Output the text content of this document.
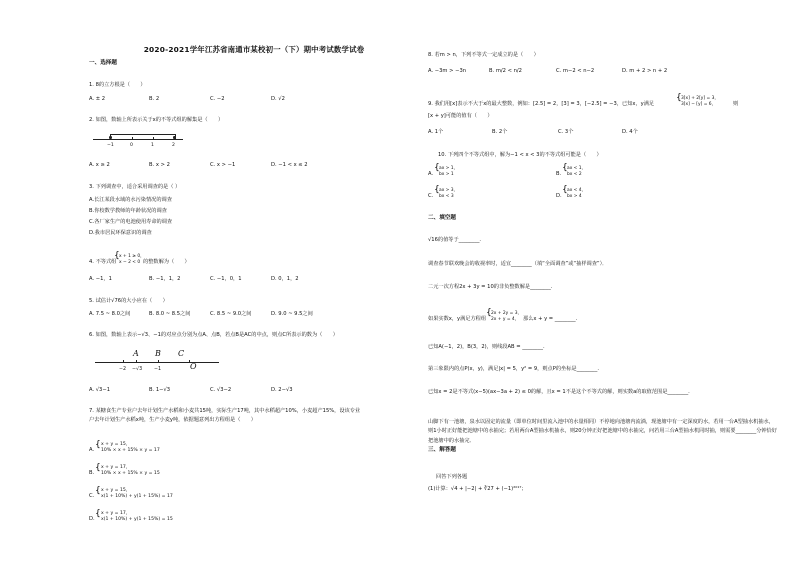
2020-2021学年江苏省南通市某校初一（下）期中考试数学试卷
一、选择题
1. 8的立方根是（　　）
A. ± 2	B. 2	C. −2	D. √2
2. 如图，数轴上所表示关于x的不等式组的解集是（　　）
−1	0	1	2
A. x ≥ 2	B. x > 2	C. x > −1	D. −1 < x ≤ 2
3. 下列调查中，适合采用调查的是（ ）
A.长江某段水域的水污染情况的调查
B.你校数学教师的年龄状况的调查
C.各厂家生产的电池使用寿命的调查
D.我市居民环保意识的调查
4. 不等式组
{ x + 1 ≥ 0，
x − 2 < 0 的整数解为（　　）
A. −1，1	B. −1，1，2	C. −1，0，1	D. 0，1，2
5. 试估计√76的大小应在（　　）
A. 7.5 ~ 8.0之间	B. 8.0 ~ 8.5之间	C. 8.5 ~ 9.0之间	D. 9.0 ~ 9.5之间
6. 如图，数轴上表示−√3、−1的对应点分别为点A、点B，若点B是AC的中点，则点C所表示的数为（　　）
A B C
O
−2 −√3 −1
A. √3−1	B. 1−√3	C. √3−2	D. 2−√3
7. 某糖食生产专业户去年计划生产水稻和小麦共15吨，实际生产17吨，其中水稻超产10%，小麦超产15%，设该专业户去年计划生产水稻x吨，生产小麦y吨，依据题意列出方程组是（　　）
A. { x + y = 15，
10% × x + 15% × y = 17
B. { x + y = 17，
10% × x + 15% × y = 15
C. { x + y = 15，
x(1 + 10%) + y(1 + 15%) = 17
D. { x + y = 17，
x(1 + 10%) + y(1 + 15%) = 15
8. 若m > n，下列不等式一定成立的是（　　）
A. −3m > −3n	B. m/2 < n/2	C. m−2 < n−2	D. m + 2 > n + 2
9. 我们用[x]表示不大于x的最大整数，例如：[2.5] = 2，[3] = 3，[−2.5] = −3，已知x，y满足
{ 3[x] + 2[y] = 3，
3[x] − [y] = 6，	则
[x + y]可能的值有（　　）
A. 1个	B. 2个	C. 3个	D. 4个
10. 下列四个不等式组中，解为−1 < x < 3的不等式组可能是（　　）
A.
{ ax > 1，
bx > 1	B.
{ ax < 1，
bx < 2
C.
{ ax > 3，
bx < 3	D.
{ ax < 4，
bx > 4
二、填空题
√16的值等于________.
调查春节联欢晚会的收视率时，适宜________（填“全面调查”或“抽样调查”）．
二元一次方程2x + 3y = 10的非负整数解是________.
如果实数x，y满足方程组
{ 2x + 2y = 3，
2x + y = 4， 那么x + y = ________.
已知A(−1，2)，B(3，2)，则线段AB = ________.
第三象限内的点P(x，y)，满足|x| = 5，y² = 9，则点P的坐标是________.
已知x = 2是不等式(x−5)(ax−3a + 2) ≤ 0的解，且x = 1不是这个不等式的解，则实数a的取值范围是________.
山脚下有一池塘，泉水以固定的流量（即单位时间里流入池中的水量相同）不停地向池塘内流淌，现池塘中有一定深度的水，若用一台A型抽水机抽水，则1小时正好能把池塘中的水抽完；若用两台A型抽水机抽水，则20分钟正好把池塘中的水抽完，问若用三台A型抽水机同时抽，则需要________分钟恰好把池塘中的水抽完．
三、解答题
回答下列各题
(1)计算：√4 + |−2| + ∛27 + (−1)²⁰¹⁷；
